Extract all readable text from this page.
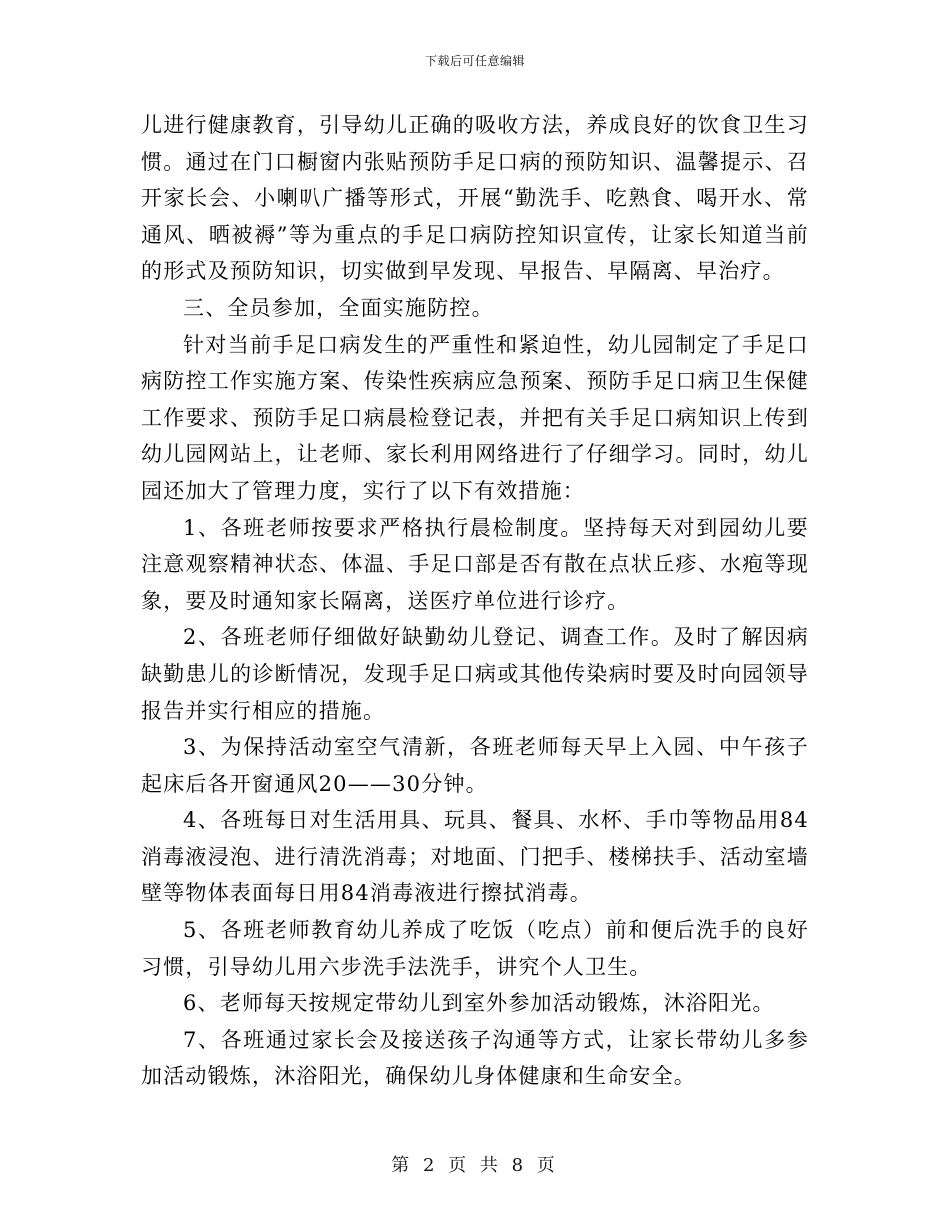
下载后可任意编辑

儿进行健康教育，引导幼儿正确的吸收方法，养成良好的饮食卫生习惯。通过在门口橱窗内张贴预防手足口病的预防知识、温馨提示、召开家长会、小喇叭广播等形式，开展“勤洗手、吃熟食、喝开水、常通风、晒被褥”等为重点的手足口病防控知识宣传，让家长知道当前的形式及预防知识，切实做到早发现、早报告、早隔离、早治疗。

三、全员参加，全面实施防控。

针对当前手足口病发生的严重性和紧迫性，幼儿园制定了手足口病防控工作实施方案、传染性疾病应急预案、预防手足口病卫生保健工作要求、预防手足口病晨检登记表，并把有关手足口病知识上传到幼儿园网站上，让老师、家长利用网络进行了仔细学习。同时，幼儿园还加大了管理力度，实行了以下有效措施：

1、各班老师按要求严格执行晨检制度。坚持每天对到园幼儿要注意观察精神状态、体温、手足口部是否有散在点状丘疹、水疱等现象，要及时通知家长隔离，送医疗单位进行诊疗。

2、各班老师仔细做好缺勤幼儿登记、调查工作。及时了解因病缺勤患儿的诊断情况，发现手足口病或其他传染病时要及时向园领导报告并实行相应的措施。

3、为保持活动室空气清新，各班老师每天早上入园、中午孩子起床后各开窗通风20——30分钟。

4、各班每日对生活用具、玩具、餐具、水杯、手巾等物品用84消毒液浸泡、进行清洗消毒；对地面、门把手、楼梯扶手、活动室墙壁等物体表面每日用84消毒液进行擦拭消毒。

5、各班老师教育幼儿养成了吃饭（吃点）前和便后洗手的良好习惯，引导幼儿用六步洗手法洗手，讲究个人卫生。

6、老师每天按规定带幼儿到室外参加活动锻炼，沐浴阳光。

7、各班通过家长会及接送孩子沟通等方式，让家长带幼儿多参加活动锻炼，沐浴阳光，确保幼儿身体健康和生命安全。

第 2 页 共 8 页
